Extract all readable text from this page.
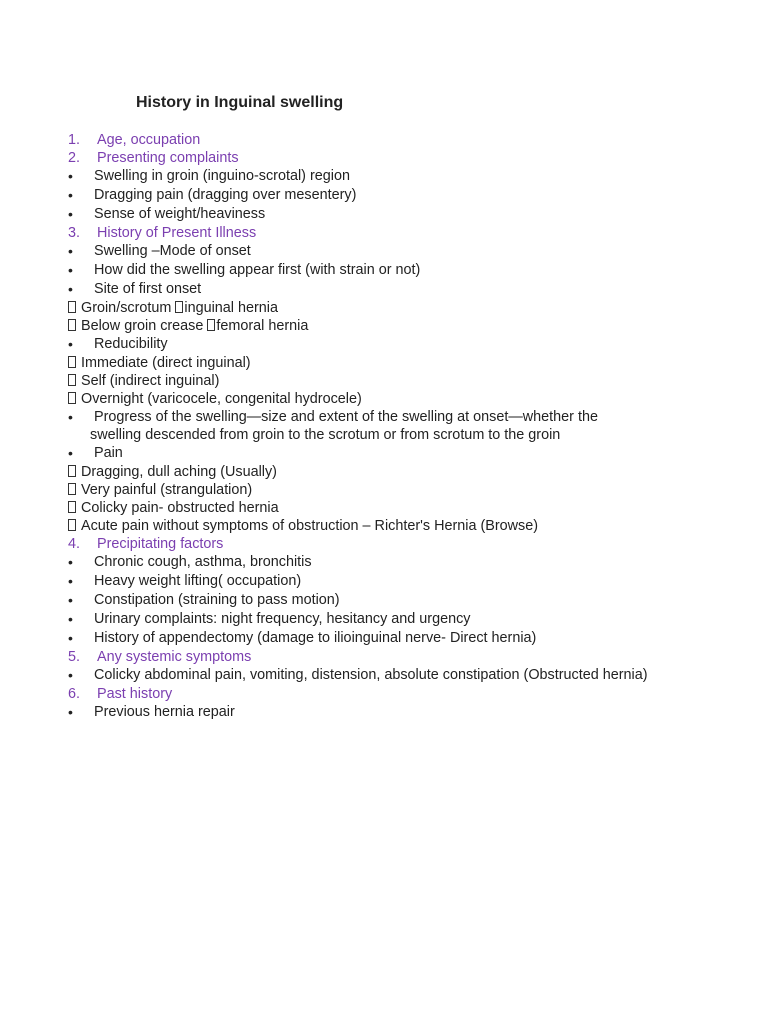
History in Inguinal swelling
1. Age, occupation
2. Presenting complaints
• Swelling in groin (inguino-scrotal) region
• Dragging pain (dragging over mesentery)
• Sense of weight/heaviness
3. History of Present Illness
• Swelling –Mode of onset
• How did the swelling appear first (with strain or not)
• Site of first onset
Groin/scrotum inguinal hernia
Below groin crease femoral hernia
• Reducibility
Immediate (direct inguinal)
Self (indirect inguinal)
Overnight (varicocele, congenital hydrocele)
• Progress of the swelling—size and extent of the swelling at onset—whether the
swelling descended from groin to the scrotum or from scrotum to the groin
• Pain
Dragging, dull aching (Usually)
Very painful (strangulation)
Colicky pain- obstructed hernia
Acute pain without symptoms of obstruction – Richter's Hernia (Browse)
4. Precipitating factors
• Chronic cough, asthma, bronchitis
• Heavy weight lifting( occupation)
• Constipation (straining to pass motion)
• Urinary complaints: night frequency, hesitancy and urgency
• History of appendectomy (damage to ilioinguinal nerve- Direct hernia)
5. Any systemic symptoms
• Colicky abdominal pain, vomiting, distension, absolute constipation (Obstructed hernia)
6. Past history
• Previous hernia repair
